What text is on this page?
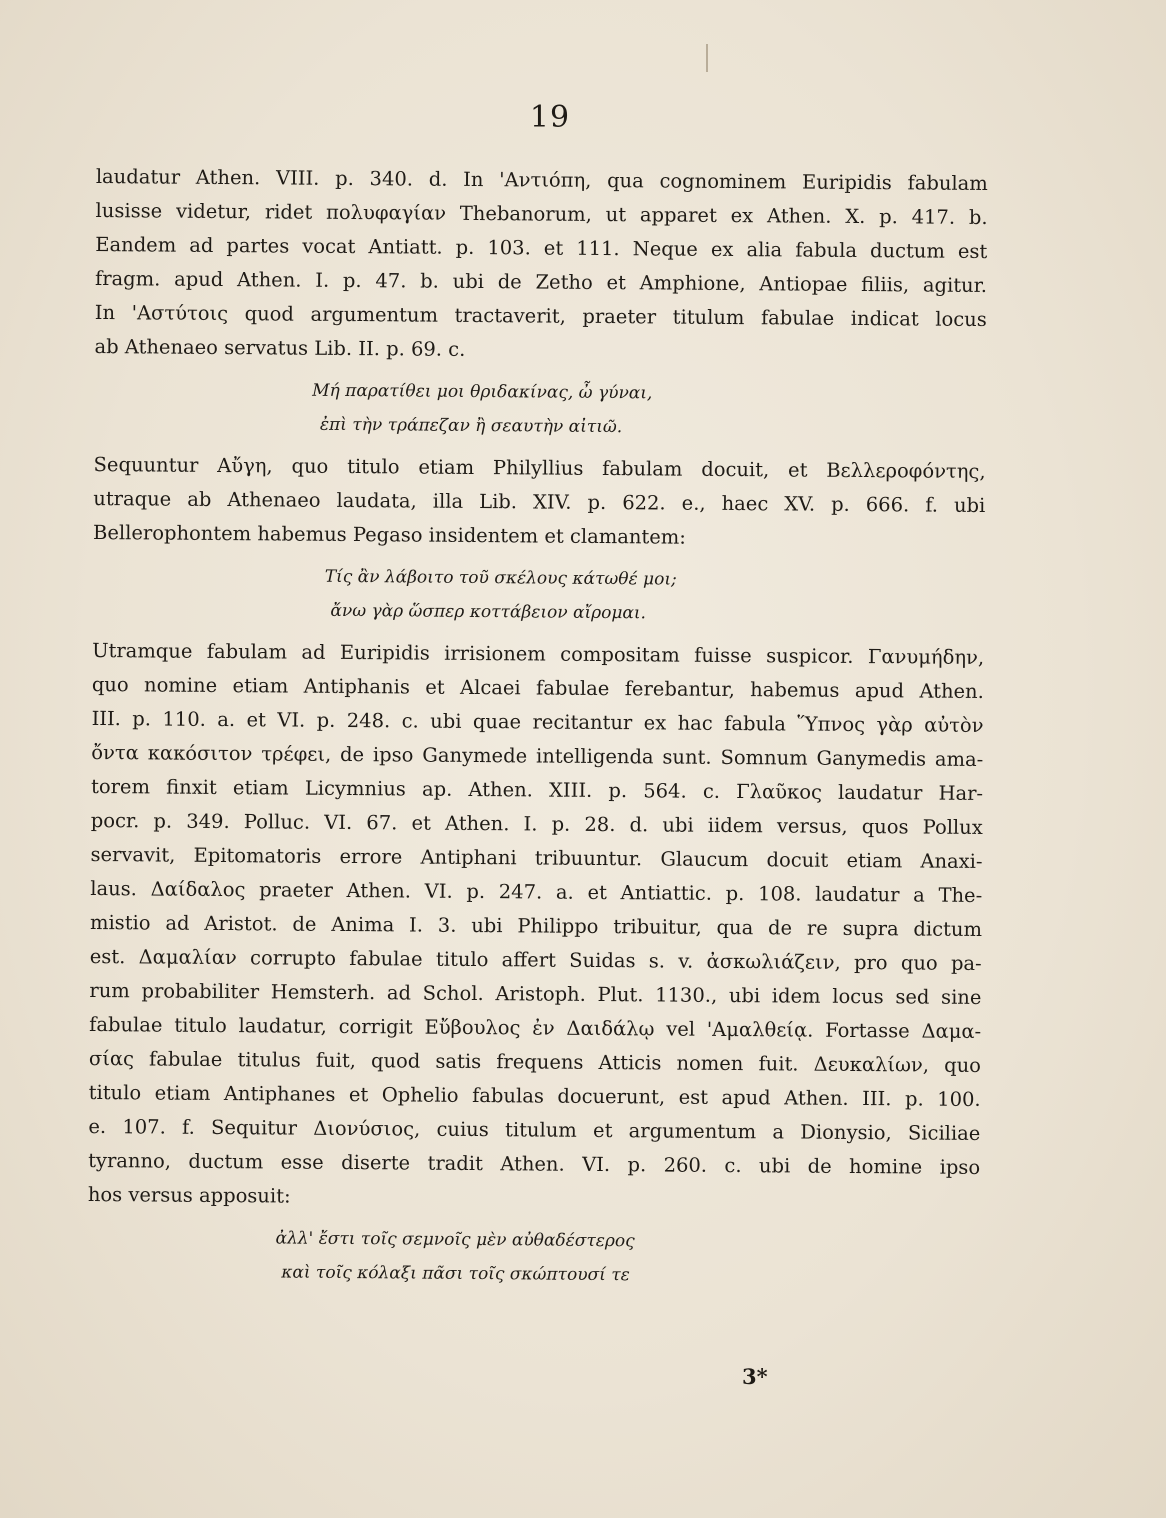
19
laudatur Athen. VIII. p. 340. d. In 'Αντιόπη, qua cognominem Euripidis fabulam
lusisse videtur, ridet πολυφαγίαν Thebanorum, ut apparet ex Athen. X. p. 417. b.
Eandem ad partes vocat Antiatt. p. 103. et 111. Neque ex alia fabula ductum est
fragm. apud Athen. I. p. 47. b. ubi de Zetho et Amphione, Antiopae filiis, agitur.
In 'Αστύτοις quod argumentum tractaverit, praeter titulum fabulae indicat locus
ab Athenaeo servatus Lib. II. p. 69. c.
Μή παρατίθει μοι θριδακίνας, ὦ γύναι,
ἐπὶ τὴν τράπεζαν ἢ σεαυτὴν αἰτιῶ.
Sequuntur Αὔγη, quo titulo etiam Philyllius fabulam docuit, et Βελλεροφόντης,
utraque ab Athenaeo laudata, illa Lib. XIV. p. 622. e., haec XV. p. 666. f. ubi
Bellerophontem habemus Pegaso insidentem et clamantem:
Τίς ἂν λάβοιτο τοῦ σκέλους κάτωθέ μοι;
ἄνω γὰρ ὥσπερ κοττάβειον αἴρομαι.
Utramque fabulam ad Euripidis irrisionem compositam fuisse suspicor. Γανυμήδην,
quo nomine etiam Antiphanis et Alcaei fabulae ferebantur, habemus apud Athen.
III. p. 110. a. et VI. p. 248. c. ubi quae recitantur ex hac fabula Ὕπνος γὰρ αὐτὸν
ὄντα κακόσιτον τρέφει, de ipso Ganymede intelligenda sunt. Somnum Ganymedis ama-
torem finxit etiam Licymnius ap. Athen. XIII. p. 564. c. Γλαῦκος laudatur Har-
pocr. p. 349. Polluc. VI. 67. et Athen. I. p. 28. d. ubi iidem versus, quos Pollux
servavit, Epitomatoris errore Antiphani tribuuntur. Glaucum docuit etiam Anaxi-
laus. Δαίδαλος praeter Athen. VI. p. 247. a. et Antiattic. p. 108. laudatur a The-
mistio ad Aristot. de Anima I. 3. ubi Philippo tribuitur, qua de re supra dictum
est. Δαμαλίαν corrupto fabulae titulo affert Suidas s. v. ἀσκωλιάζειν, pro quo pa-
rum probabiliter Hemsterh. ad Schol. Aristoph. Plut. 1130., ubi idem locus sed sine
fabulae titulo laudatur, corrigit Εὔβουλος ἐν Δαιδάλῳ vel 'Αμαλθείᾳ. Fortasse Δαμα-
σίας fabulae titulus fuit, quod satis frequens Atticis nomen fuit. Δευκαλίων, quo
titulo etiam Antiphanes et Ophelio fabulas docuerunt, est apud Athen. III. p. 100.
e. 107. f. Sequitur Διονύσιος, cuius titulum et argumentum a Dionysio, Siciliae
tyranno, ductum esse diserte tradit Athen. VI. p. 260. c. ubi de homine ipso
hos versus apposuit:
ἀλλ' ἔστι τοῖς σεμνοῖς μὲν αὐθαδέστερος
καὶ τοῖς κόλαξι πᾶσι τοῖς σκώπτουσί τε
3*
